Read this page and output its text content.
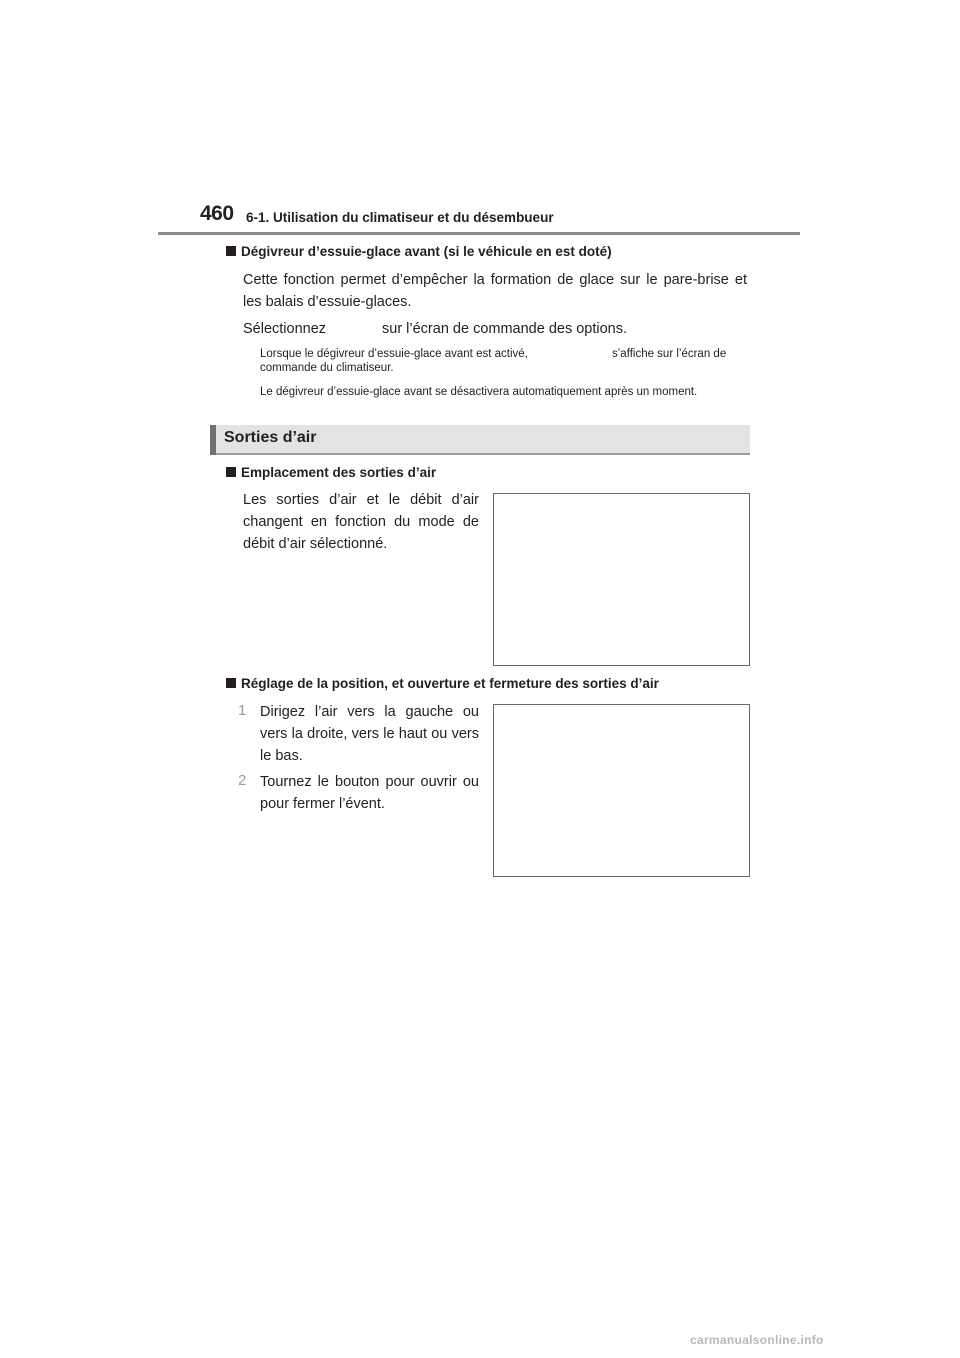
460 6-1. Utilisation du climatiseur et du désembueur
Dégivreur d’essuie-glace avant (si le véhicule en est doté)
Cette fonction permet d’empêcher la formation de glace sur le pare-brise et les balais d’essuie-glaces.
Sélectionnez	sur l’écran de commande des options.
Lorsque le dégivreur d’essuie-glace avant est activé,	s’affiche sur l’écran de
commande du climatiseur.
Le dégivreur d’essuie-glace avant se désactivera automatiquement après un moment.
Sorties d’air
Emplacement des sorties d’air
Les sorties d’air et le débit d’air changent en fonction du mode de débit d’air sélectionné.
Réglage de la position, et ouverture et fermeture des sorties d’air
1 Dirigez l’air vers la gauche ou vers la droite, vers le haut ou vers le bas.
2 Tournez le bouton pour ouvrir ou pour fermer l’évent.
carmanualsonline.info
